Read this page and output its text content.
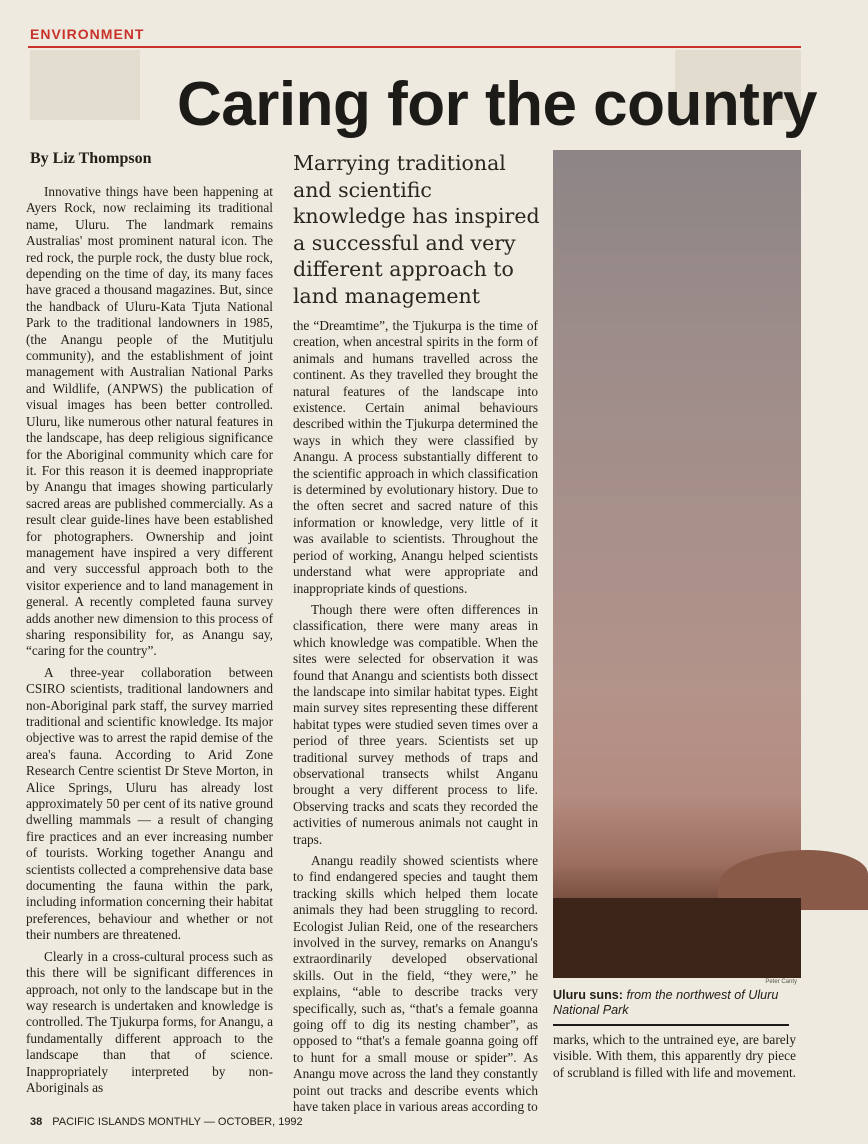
ENVIRONMENT
Caring for the country
By Liz Thompson

Innovative things have been happening at Ayers Rock, now reclaiming its traditional name, Uluru. The landmark remains Australias' most prominent natural icon. The red rock, the purple rock, the dusty blue rock, depending on the time of day, its many faces have graced a thousand magazines. But, since the handback of Uluru-Kata Tjuta National Park to the traditional landowners in 1985, (the Anangu people of the Mutitjulu community), and the establishment of joint management with Australian National Parks and Wildlife, (ANPWS) the publication of visual images has been better controlled. Uluru, like numerous other natural features in the landscape, has deep religious significance for the Aboriginal community which care for it. For this reason it is deemed inappropriate by Anangu that images showing particularly sacred areas are published commercially. As a result clear guide-lines have been established for photographers. Ownership and joint management have inspired a very different and very successful approach both to the visitor experience and to land management in general. A recently completed fauna survey adds another new dimension to this process of sharing responsibility for, as Anangu say, “caring for the country”.

A three-year collaboration between CSIRO scientists, traditional landowners and non-Aboriginal park staff, the survey married traditional and scientific knowledge. Its major objective was to arrest the rapid demise of the area's fauna. According to Arid Zone Research Centre scientist Dr Steve Morton, in Alice Springs, Uluru has already lost approximately 50 per cent of its native ground dwelling mammals — a result of changing fire practices and an ever increasing number of tourists. Working together Anangu and scientists collected a comprehensive data base documenting the fauna within the park, including information concerning their habitat preferences, behaviour and whether or not their numbers are threatened.

Clearly in a cross-cultural process such as this there will be significant differences in approach, not only to the landscape but in the way research is undertaken and knowledge is controlled. The Tjukurpa forms, for Anangu, a fundamentally different approach to the landscape than that of science. Inappropriately interpreted by non-Aboriginals as

Marrying traditional and scientific knowledge has inspired a successful and very different approach to land management

the “Dreamtime”, the Tjukurpa is the time of creation, when ancestral spirits in the form of animals and humans travelled across the continent. As they travelled they brought the natural features of the landscape into existence. Certain animal behaviours described within the Tjukurpa determined the ways in which they were classified by Anangu. A process substantially different to the scientific approach in which classification is determined by evolutionary history. Due to the often secret and sacred nature of this information or knowledge, very little of it was available to scientists. Throughout the period of working, Anangu helped scientists understand what were appropriate and inappropriate kinds of questions.

Though there were often differences in classification, there were many areas in which knowledge was compatible. When the sites were selected for observation it was found that Anangu and scientists both dissect the landscape into similar habitat types. Eight main survey sites representing these different habitat types were studied seven times over a period of three years. Scientists set up traditional survey methods of traps and observational transects whilst Anganu brought a very different process to life. Observing tracks and scats they recorded the activities of numerous animals not caught in traps.

Anangu readily showed scientists where to find endangered species and taught them tracking skills which helped them locate animals they had been struggling to record. Ecologist Julian Reid, one of the researchers involved in the survey, remarks on Anangu's extraordinarily developed observational skills. Out in the field, “they were,” he explains, “able to describe tracks very specifically, such as, “that's a female goanna going off to dig its nesting chamber”, as opposed to “that's a female goanna going off to hunt for a small mouse or spider”. As Anangu move across the land they constantly point out tracks and describe events which have taken place in various areas according to

Peter Canty
Uluru suns: from the northwest of Uluru National Park

marks, which to the untrained eye, are barely visible. With them, this apparently dry piece of scrubland is filled with life and movement.

38 PACIFIC ISLANDS MONTHLY — OCTOBER, 1992
